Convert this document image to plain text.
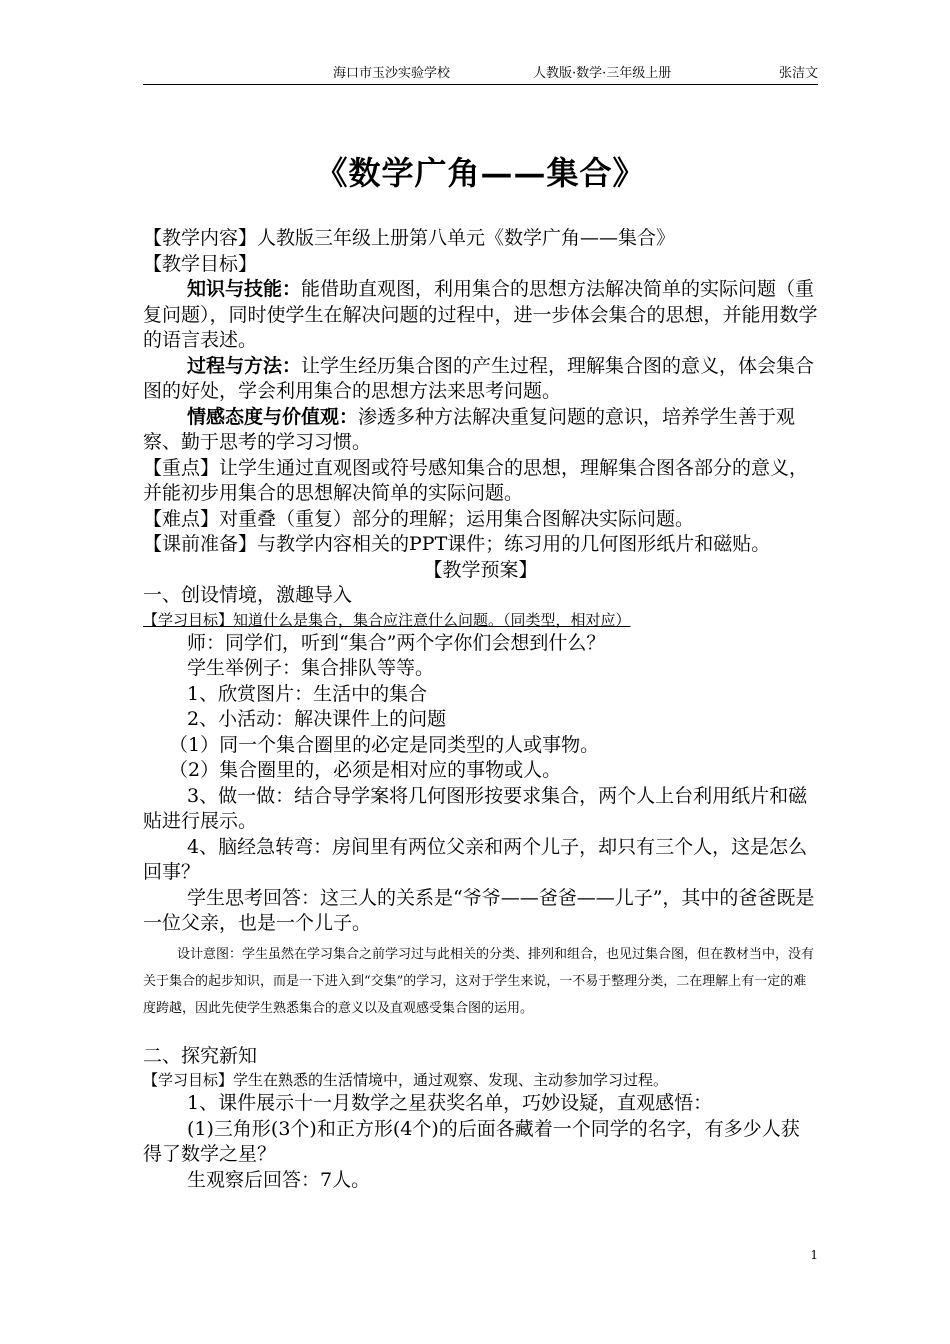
海口市玉沙实验学校	人教版·数学·三年级上册	张洁文
《数学广角——集合》

【教学内容】人教版三年级上册第八单元《数学广角——集合》

【教学目标】

知识与技能：能借助直观图，利用集合的思想方法解决简单的实际问题（重复问题），同时使学生在解决问题的过程中，进一步体会集合的思想，并能用数学的语言表述。

过程与方法：让学生经历集合图的产生过程，理解集合图的意义，体会集合图的好处，学会利用集合的思想方法来思考问题。

情感态度与价值观：渗透多种方法解决重复问题的意识，培养学生善于观察、勤于思考的学习习惯。

【重点】让学生通过直观图或符号感知集合的思想，理解集合图各部分的意义，并能初步用集合的思想解决简单的实际问题。

【难点】对重叠（重复）部分的理解；运用集合图解决实际问题。

【课前准备】与教学内容相关的PPT课件；练习用的几何图形纸片和磁贴。

【教学预案】

一、创设情境，激趣导入

【学习目标】知道什么是集合，集合应注意什么问题。（同类型，相对应）

师：同学们，听到“集合”两个字你们会想到什么？

学生举例子：集合排队等等。

1、欣赏图片：生活中的集合

2、小活动：解决课件上的问题

（1）同一个集合圈里的必定是同类型的人或事物。

（2）集合圈里的，必须是相对应的事物或人。

3、做一做：结合导学案将几何图形按要求集合，两个人上台利用纸片和磁贴进行展示。

4、脑经急转弯：房间里有两位父亲和两个儿子，却只有三个人，这是怎么回事？

学生思考回答：这三人的关系是“爷爷——爸爸——儿子”，其中的爸爸既是一位父亲，也是一个儿子。

设计意图：学生虽然在学习集合之前学习过与此相关的分类、排列和组合，也见过集合图，但在教材当中，没有关于集合的起步知识，而是一下进入到“交集”的学习，这对于学生来说，一不易于整理分类，二在理解上有一定的难度跨越，因此先使学生熟悉集合的意义以及直观感受集合图的运用。

二、探究新知

【学习目标】学生在熟悉的生活情境中，通过观察、发现、主动参加学习过程。

1、课件展示十一月数学之星获奖名单，巧妙设疑，直观感悟：

(1)三角形(3个)和正方形(4个)的后面各藏着一个同学的名字，有多少人获得了数学之星？

生观察后回答：7人。

1
